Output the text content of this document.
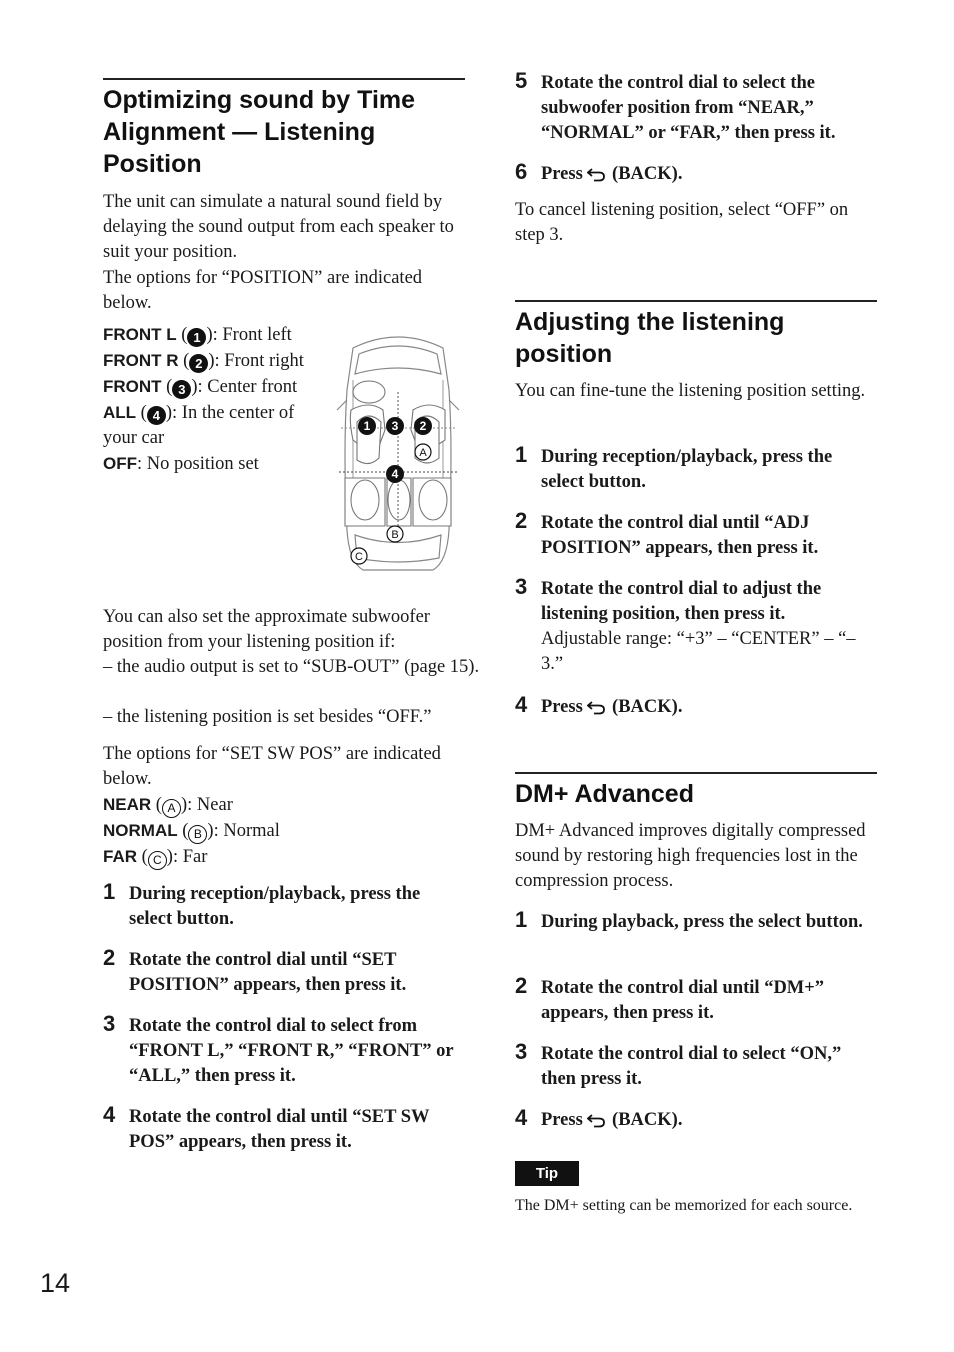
Optimizing sound by Time Alignment — Listening Position
The unit can simulate a natural sound field by delaying the sound output from each speaker to suit your position.
The options for “POSITION” are indicated below.
FRONT L ( 1 ): Front left
FRONT R ( 2 ): Front right
FRONT ( 3 ): Center front
ALL ( 4 ): In the center of your car
OFF: No position set
1 3 2
4
A
B
C
You can also set the approximate subwoofer position from your listening position if:
– the audio output is set to “SUB-OUT” (page 15).
– the listening position is set besides “OFF.”
The options for “SET SW POS” are indicated below.
NEAR ( A ): Near
NORMAL ( B ): Normal
FAR ( C ): Far
1 During reception/playback, press the select button.
2 Rotate the control dial until “SET POSITION” appears, then press it.
3 Rotate the control dial to select from “FRONT L,” “FRONT R,” “FRONT” or “ALL,” then press it.
4 Rotate the control dial until “SET SW POS” appears, then press it.
5 Rotate the control dial to select the subwoofer position from “NEAR,” “NORMAL” or “FAR,” then press it.
6 Press (BACK).
To cancel listening position, select “OFF” on step 3.
Adjusting the listening position
You can fine-tune the listening position setting.
1 During reception/playback, press the select button.
2 Rotate the control dial until “ADJ POSITION” appears, then press it.
3 Rotate the control dial to adjust the listening position, then press it.
Adjustable range: “+3” – “CENTER” – “–3.”
4 Press (BACK).
DM+ Advanced
DM+ Advanced improves digitally compressed sound by restoring high frequencies lost in the compression process.
1 During playback, press the select button.
2 Rotate the control dial until “DM+” appears, then press it.
3 Rotate the control dial to select “ON,” then press it.
4 Press (BACK).
Tip
The DM+ setting can be memorized for each source.
14
